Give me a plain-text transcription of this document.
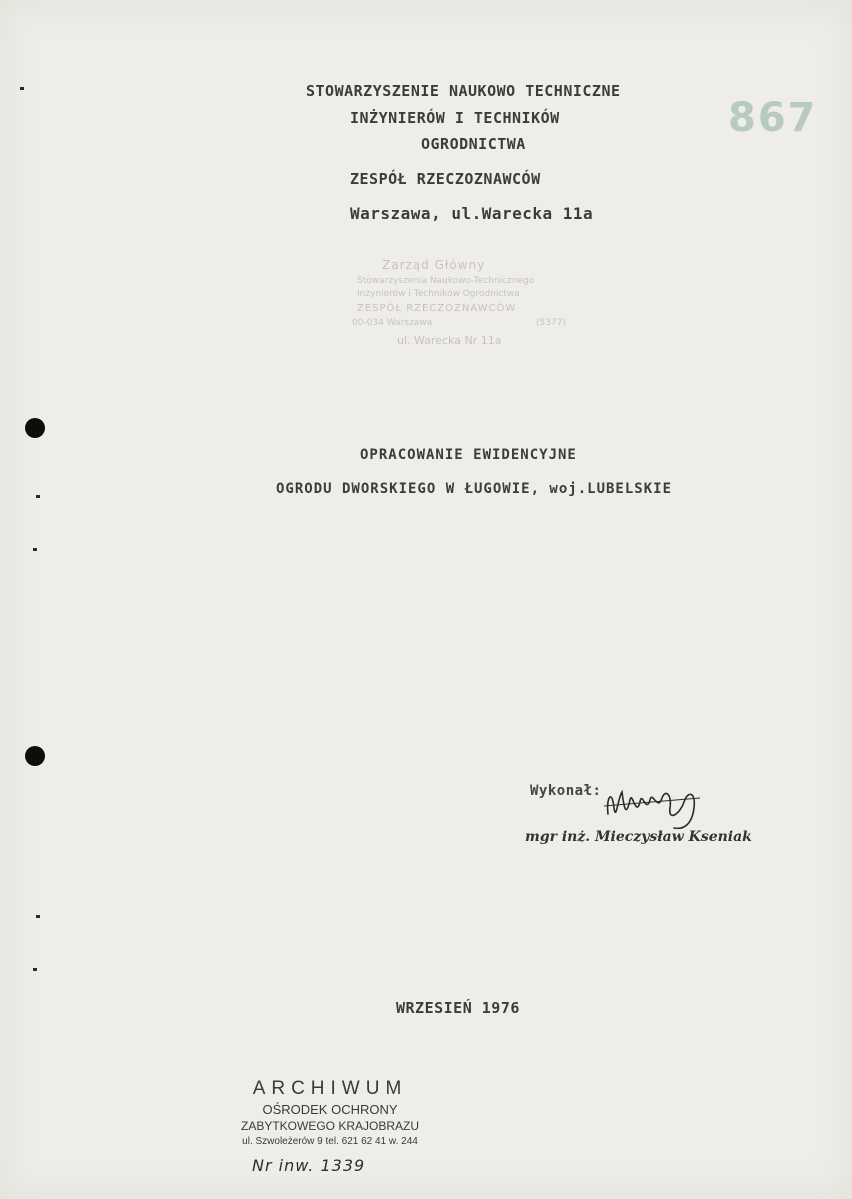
STOWARZYSZENIE NAUKOWO TECHNICZNE
INŻYNIERÓW I TECHNIKÓW
OGRODNICTWA
ZESPÓŁ RZECZOZNAWCÓW
Warszawa, ul.Warecka 11a
867
Zarząd Główny
Stowarzyszenia Naukowo-Technicznego
Inżynierów i Techników Ogrodnictwa
ZESPÓŁ RZECZOZNAWCÓW
00-034 Warszawa	(5377)
ul. Warecka Nr 11a
OPRACOWANIE EWIDENCYJNE
OGRODU DWORSKIEGO W ŁUGOWIE, woj.LUBELSKIE
Wykonał:
mgr inż. Mieczysław Kseniak
WRZESIEŃ 1976
ARCHIWUM
OŚRODEK OCHRONY
ZABYTKOWEGO KRAJOBRAZU
ul. Szwoleżerów 9 tel. 621 62 41 w. 244
Nr inw. 1339
